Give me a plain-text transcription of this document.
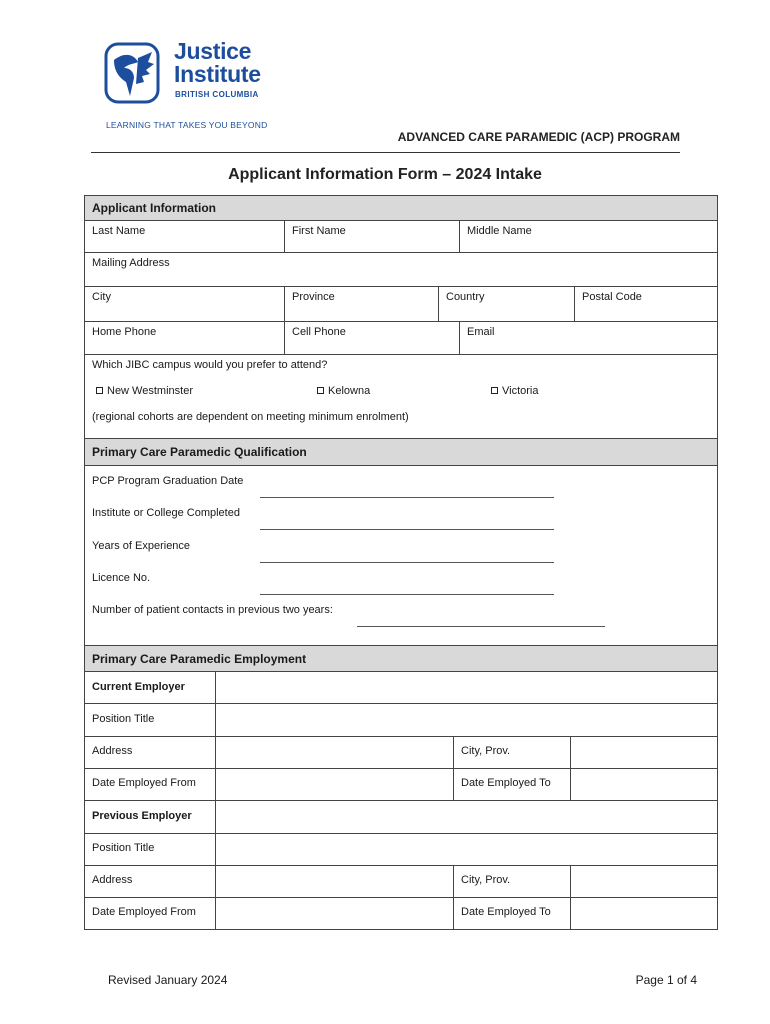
Justice
Institute
BRITISH COLUMBIA
LEARNING THAT TAKES YOU BEYOND
ADVANCED CARE PARAMEDIC (ACP) PROGRAM
Applicant Information Form – 2024 Intake
Applicant Information
Last Name	First Name	Middle Name
Mailing Address
City	Province	Country	Postal Code
Home Phone	Cell Phone	Email
Which JIBC campus would you prefer to attend?
New Westminster	Kelowna	Victoria
(regional cohorts are dependent on meeting minimum enrolment)
Primary Care Paramedic Qualification
PCP Program Graduation Date
Institute or College Completed
Years of Experience
Licence No.
Number of patient contacts in previous two years:
Primary Care Paramedic Employment
Current Employer
Position Title
Address	City, Prov.
Date Employed From	Date Employed To
Previous Employer
Position Title
Address	City, Prov.
Date Employed From	Date Employed To
Revised January 2024	Page 1 of 4
